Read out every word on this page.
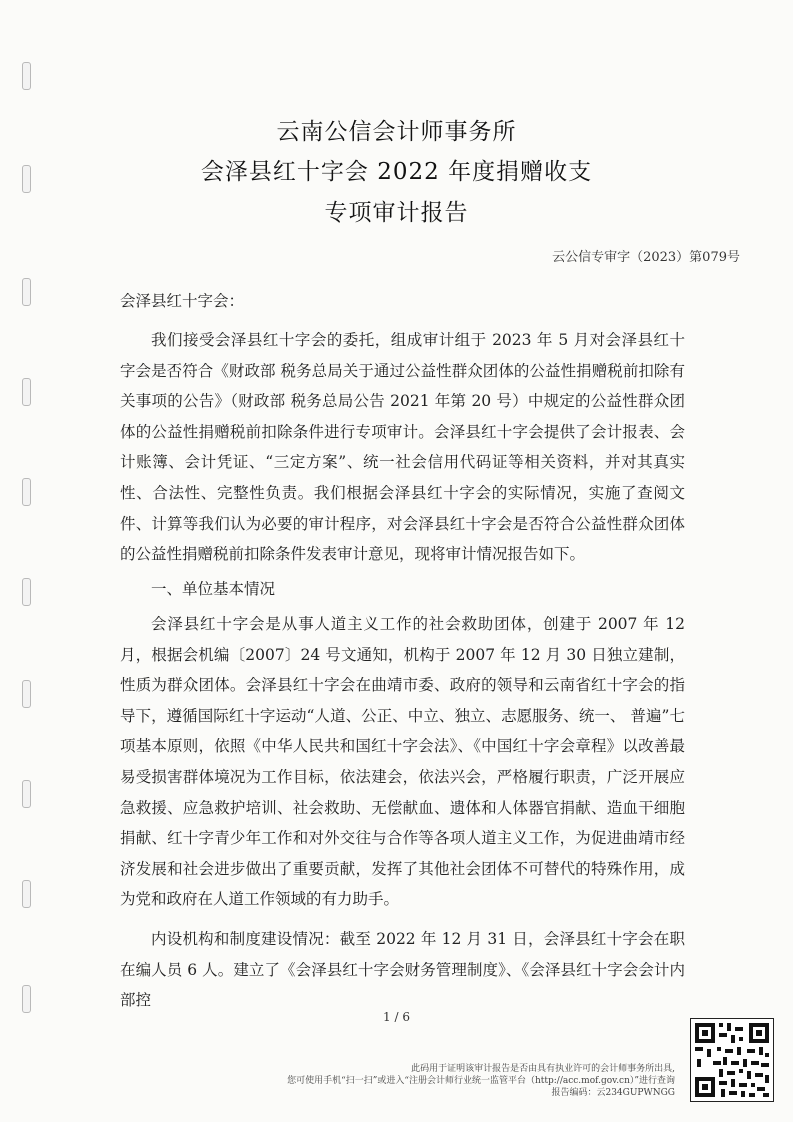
云南公信会计师事务所
会泽县红十字会 2022 年度捐赠收支
专项审计报告
云公信专审字（2023）第079号
会泽县红十字会：
我们接受会泽县红十字会的委托，组成审计组于 2023 年 5 月对会泽县红十字会是否符合《财政部 税务总局关于通过公益性群众团体的公益性捐赠税前扣除有关事项的公告》（财政部 税务总局公告 2021 年第 20 号）中规定的公益性群众团体的公益性捐赠税前扣除条件进行专项审计。会泽县红十字会提供了会计报表、会计账簿、会计凭证、“三定方案”、统一社会信用代码证等相关资料，并对其真实性、合法性、完整性负责。我们根据会泽县红十字会的实际情况，实施了查阅文件、计算等我们认为必要的审计程序，对会泽县红十字会是否符合公益性群众团体的公益性捐赠税前扣除条件发表审计意见，现将审计情况报告如下。
一、单位基本情况
会泽县红十字会是从事人道主义工作的社会救助团体，创建于 2007 年 12 月，根据会机编〔2007〕24 号文通知，机构于 2007 年 12 月 30 日独立建制，性质为群众团体。会泽县红十字会在曲靖市委、政府的领导和云南省红十字会的指导下，遵循国际红十字运动“人道、公正、中立、独立、志愿服务、统一、 普遍”七项基本原则，依照《中华人民共和国红十字会法》、《中国红十字会章程》以改善最易受损害群体境况为工作目标，依法建会，依法兴会，严格履行职责，广泛开展应急救援、应急救护培训、社会救助、无偿献血、遗体和人体器官捐献、造血干细胞捐献、红十字青少年工作和对外交往与合作等各项人道主义工作，为促进曲靖市经济发展和社会进步做出了重要贡献，发挥了其他社会团体不可替代的特殊作用，成为党和政府在人道工作领域的有力助手。
内设机构和制度建设情况：截至 2022 年 12 月 31 日，会泽县红十字会在职在编人员 6 人。建立了《会泽县红十字会财务管理制度》、《会泽县红十字会会计内部控
1 / 6
此码用于证明该审计报告是否由具有执业许可的会计师事务所出具,
您可使用手机“扫一扫”或进入“注册会计师行业统一监管平台（http://acc.mof.gov.cn）”进行查询
报告编码：云234GUPWNGG
